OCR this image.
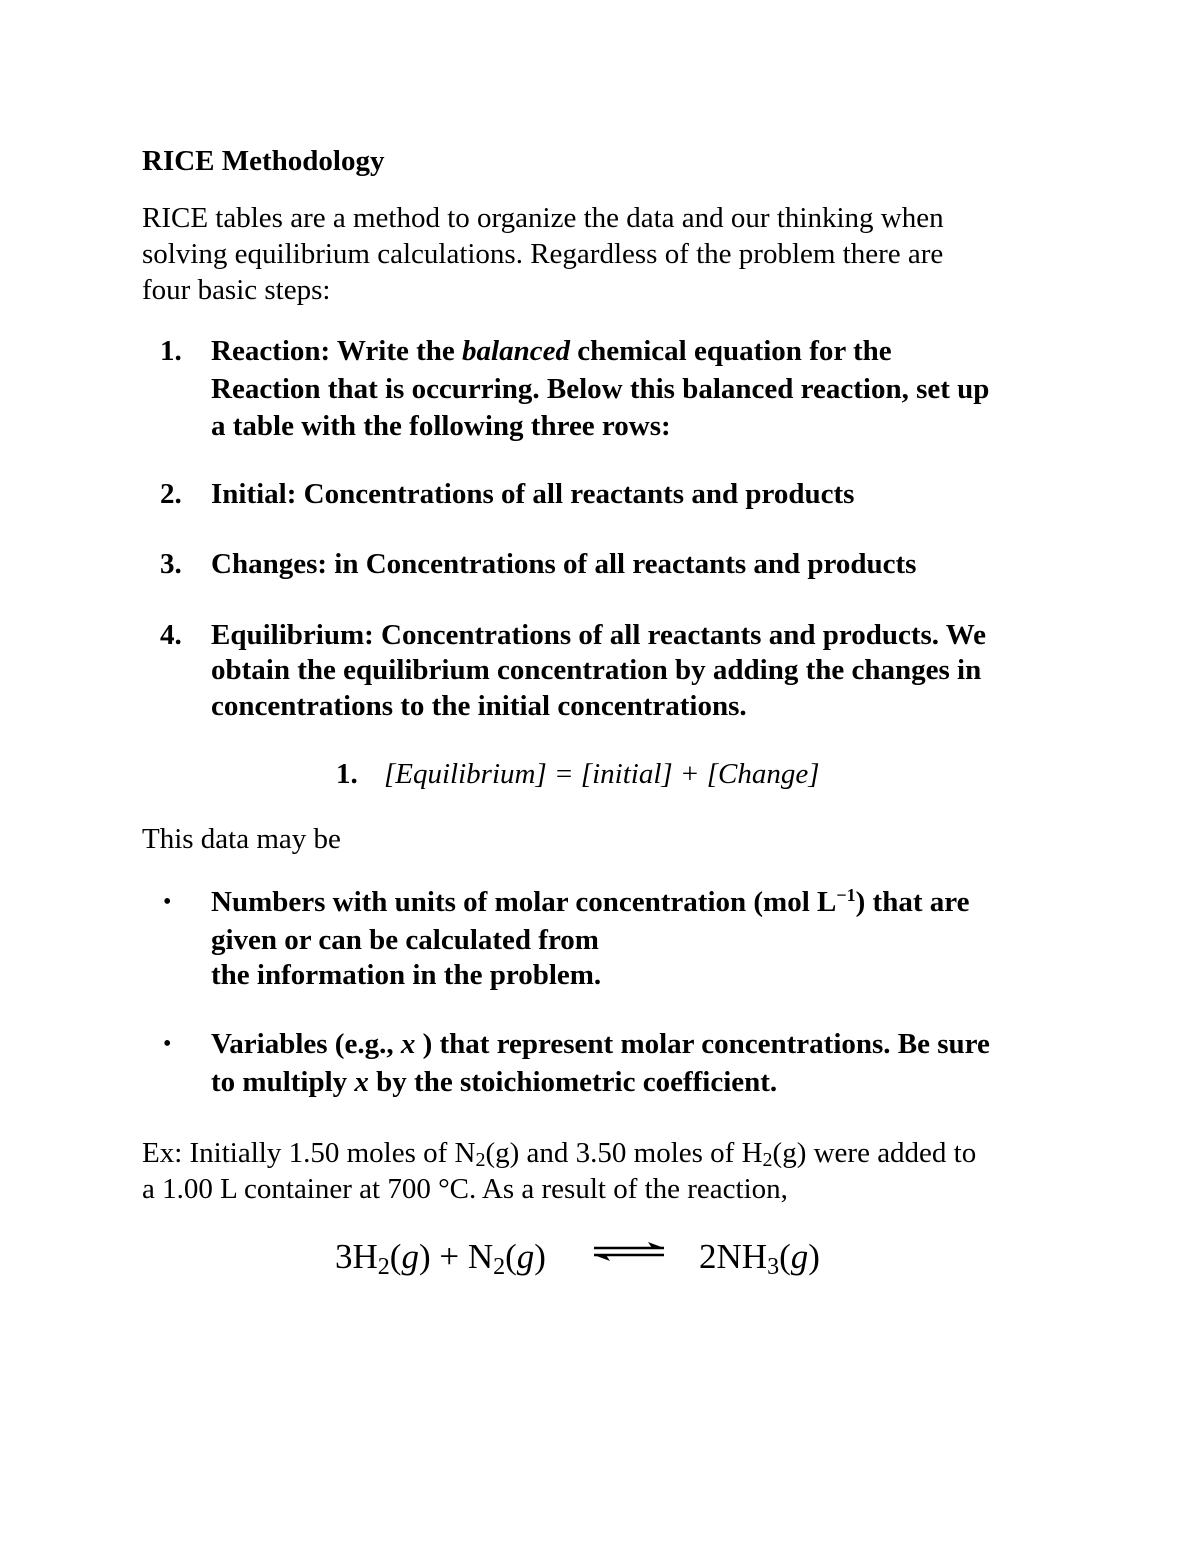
RICE Methodology
RICE tables are a method to organize the data and our thinking when
solving equilibrium calculations. Regardless of the problem there are
four basic steps:
1. Reaction: Write the balanced chemical equation for the
Reaction that is occurring. Below this balanced reaction, set up
a table with the following three rows:
2. Initial: Concentrations of all reactants and products
3. Changes: in Concentrations of all reactants and products
4. Equilibrium: Concentrations of all reactants and products. We
obtain the equilibrium concentration by adding the changes in
concentrations to the initial concentrations.
1. [Equilibrium] = [initial] + [Change]
This data may be
• Numbers with units of molar concentration (mol $L^{-1}$) that are
given or can be calculated from
the information in the problem.
• Variables (e.g., x ) that represent molar concentrations. Be sure
to multiply x by the stoichiometric coefficient.
Ex: Initially 1.50 moles of $N_2(g)$ and 3.50 moles of $H_2(g)$ were added to
a 1.00 L container at 700 °C. As a result of the reaction,
$3H_2(g) + N_2(g)$	$2NH_3(g)$
